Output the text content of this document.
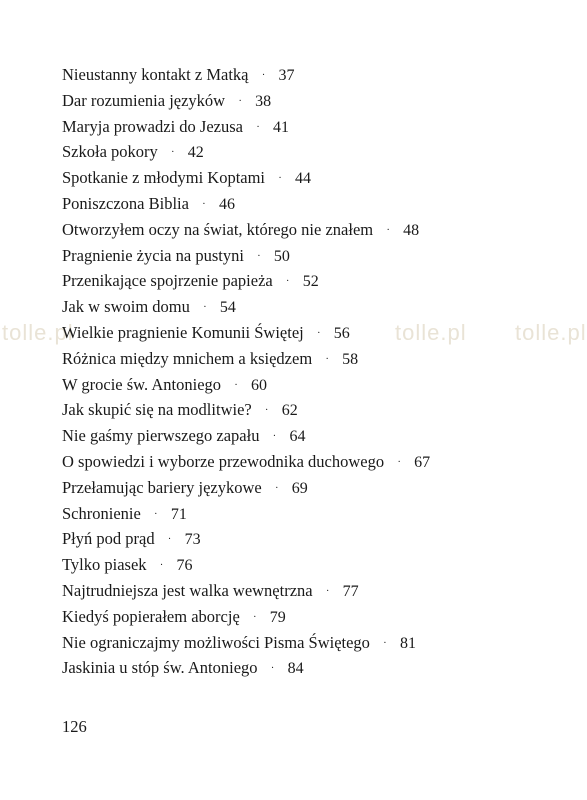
tolle.pl	tolle.pl tolle.pl
Nieustanny kontakt z Matką · 37
Dar rozumienia języków · 38
Maryja prowadzi do Jezusa · 41
Szkoła pokory · 42
Spotkanie z młodymi Koptami · 44
Poniszczona Biblia · 46
Otworzyłem oczy na świat, którego nie znałem · 48
Pragnienie życia na pustyni · 50
Przenikające spojrzenie papieża · 52
Jak w swoim domu · 54
Wielkie pragnienie Komunii Świętej · 56
Różnica między mnichem a księdzem · 58
W grocie św. Antoniego · 60
Jak skupić się na modlitwie? · 62
Nie gaśmy pierwszego zapału · 64
O spowiedzi i wyborze przewodnika duchowego · 67
Przełamując bariery językowe · 69
Schronienie · 71
Płyń pod prąd · 73
Tylko piasek · 76
Najtrudniejsza jest walka wewnętrzna · 77
Kiedyś popierałem aborcję · 79
Nie ograniczajmy możliwości Pisma Świętego · 81
Jaskinia u stóp św. Antoniego · 84
126
